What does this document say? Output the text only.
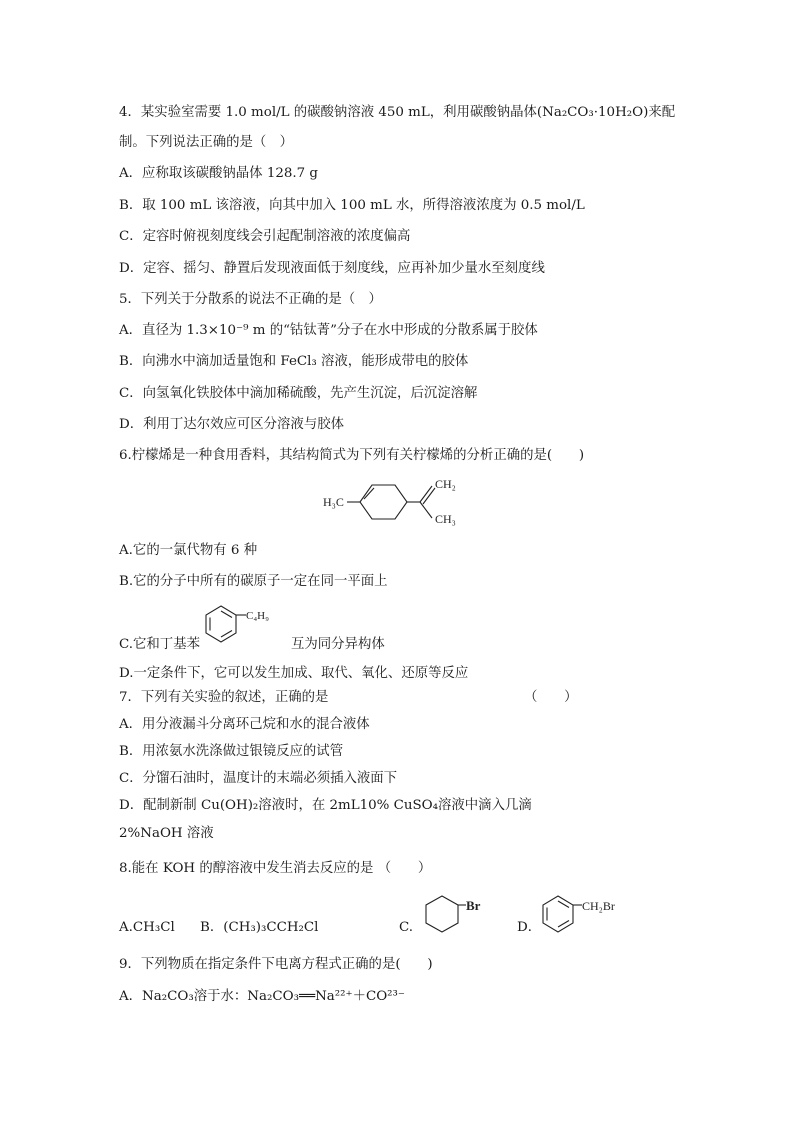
4．某实验室需要 1.0 mol/L 的碳酸钠溶液 450 mL，利用碳酸钠晶体(Na₂CO₃·10H₂O)来配
制。下列说法正确的是（　）
A．应称取该碳酸钠晶体 128.7 g
B．取 100 mL 该溶液，向其中加入 100 mL 水，所得溶液浓度为 0.5 mol/L
C．定容时俯视刻度线会引起配制溶液的浓度偏高
D．定容、摇匀、静置后发现液面低于刻度线，应再补加少量水至刻度线
5．下列关于分散系的说法不正确的是（　）
A．直径为 1.3×10⁻⁹ m 的“钴钛菁”分子在水中形成的分散系属于胶体
B．向沸水中滴加适量饱和 FeCl₃ 溶液，能形成带电的胶体
C．向氢氧化铁胶体中滴加稀硫酸，先产生沉淀，后沉淀溶解
D．利用丁达尔效应可区分溶液与胶体
6.柠檬烯是一种食用香料，其结构简式为下列有关柠檬烯的分析正确的是(　　)
H₃C
CH₂
CH₃
A.它的一氯代物有 6 种
B.它的分子中所有的碳原子一定在同一平面上
C.它和丁基苯
C₄H₉
互为同分异构体
D.一定条件下，它可以发生加成、取代、氧化、还原等反应
7．下列有关实验的叙述，正确的是	（　　）
A．用分液漏斗分离环己烷和水的混合液体
B．用浓氨水洗涤做过银镜反应的试管
C．分馏石油时，温度计的末端必须插入液面下
D．配制新制 Cu(OH)₂溶液时，在 2mL10% CuSO₄溶液中滴入几滴
2%NaOH 溶液
8.能在 KOH 的醇溶液中发生消去反应的是 （　　）
A.CH₃Cl B．(CH₃)₃CCH₂Cl	C.
Br
D．
CH₂Br
9．下列物质在指定条件下电离方程式正确的是(　　)
A．Na₂CO₃溶于水：Na₂CO₃══Na²²⁺＋CO²³⁻
